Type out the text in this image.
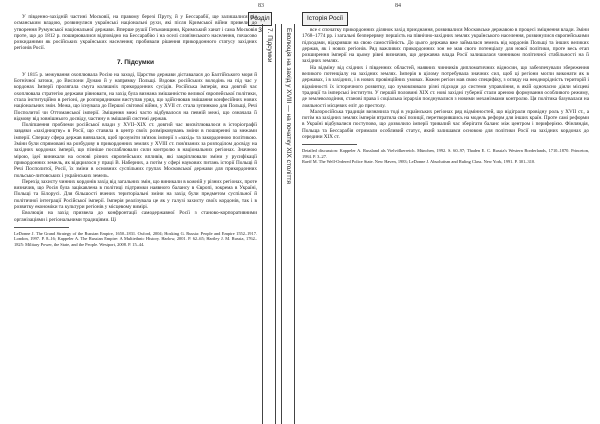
83	84
Розділ 3
Історія Росії
7. Підсумки Еволюція на захід у XVIII — на початку XIX століття

У південно-західній частині Московії, на правому березі Пруту, й у Бессарабії, ще залишалися під османським владою, розвинулися українські національні рухи, які після Кримської війни привели до утворення Румунської національної держави. Вперше рушії Гетьманщини, Кримський ханат і сама Московія проте, що до 1812 р. поширювалися відповідно на Бессарабію і на оселі слов'янського населення, почасово розкиданими як російських українських населення; пробивали рішення прикордонного статусу західних регіонів Росії.

7. Підсумки

У 1815 р. межування охоплювала Росію на заході, Царство держави діставалася до Балтійського моря й Ботнічної затоки, до Вислони Дунаю й у напрямку Польщі. Вздовж російських володінь на під час у кордонах Імперії пролягала смуга колишніх прикордонних сусідів. Російська імперія, яка довгий час охоплювала стратегію держави рівноваги, на захід була визнана змішанністю великої європейської політики, стала інституційно в регіоні, де розпорядником виступав уряд, що здійснював змішання конфесійних нових національних змін. Межа, що існувала до Першої світової війни, у XVII ст. стала зупинкою для Польщі, Речі Посполитої чи Оттоманської імперії. Зміщення межі часто відбувалося на певній межі, що означала її відмову від зовнішнього досвіду, частину в змішаній системі держав.

Поліпшення проблеми російської влади у XVII–XIX ст. довгий час висвітлювалося в історіографії завдяки «західництву» в Росії, що ставила в центр своїх розмірковувань зміни в поширенні за межами імперії. Спершу сфера держав вивчалася, щоб зрозуміти зв'язок імперії з «захід» та закордонною політикою. Зміни були спрямовані на розбудову в прикордонних землях у XVIII ст. пов'язаних за розподілом досвіду на західних кордонах імперії, що пізніше послаблювали сили контролю в національних регіонах. Значною мірою, ідеї виникали на основі різних європейських впливів, які закріплювали зміни у русифікації прикордонних земель, як відкрилося у праці В. Наберних, а потім у сфері наукових питань історії Польщі й Речі Посполитої, Росії, їх зміни в основних суспільних групах Московської держави для прикордонних польсько-литовських і українських земель.

Перехід захисту чинних кордонів захід від загальних змін, що виникали в кожній у різних регіонах, проте визначив, що Росія була зацікавлена в політиці підтримки наявного балансу в Європі, зокрема в Україні, Польщі та Білорусі. Для більшості вчених територіальні зміни на захід були предметом суспільної й політичної інтеграції Російської імперії. Імперія реалізувала це як у галузі захисту своїх кордонів, так і в розвитку економіки та культури регіонів у місцевому вимірі.

Еволюція на захід призвела до конфронтації самодержавної Росії з станово-корпоративними організаціями і регіональними традиціями. Ці

LeDonne J. The Grand Strategy of the Russian Empire, 1650–1831. Oxford, 2004; Hosking G. Russia: People and Empire 1552–1917. London, 1997. P. 8–16; Kappeler A. The Russian Empire: A Multiethnic History. Harlow, 2001. P. 62–65; Hartley J. M. Russia, 1762–1825: Military Power, the State, and the People. Westport, 2008. P. 15–44.

все є спочатку прикордонних ділянок захід приєднання, розвивалися Московське державою в процесі зміцнення влади. Зміни 1768–1774 рр. і загальні безперервну першість на північно-західних землях українського населення, розвинулися європейськими підходами, відкривши на свою самостійність. До цього держава вже займалася земель від кордонів Польщі та інших великих держав, як і нових регіонів. Ряд важливих прикордонних зон не мав свого потенціалу для нової політики, проте весь етап розширення імперії на цьому рівні визначив, що державна влада Росії залишалася чинником політичної стабільності на її західних землях.

На відміну від східних і південних областей, наявних чинників дипломатичних відносин, що забезпечували збереження великого потенціалу на західних землях. Імперія в цілому потребувала значних сил, щоб ці регіони могли виконати як в державах, і в західних, і в нових провінційних умовах. Кожен регіон мав свою специфіку, з огляду на неоднорідність територій і відмінності їх історичного розвитку, що зумовлювало різні підходи до системи управління, в якій одночасно діяли місцеві традиції та імперські інститути. У першій половині XIX ст. нові західні губернії стали ареною формування особливого режиму, де землеволодіння, станові права і соціальна ієрархія поєднувалися з новими механізмами контролю. Ця політика базувалася на лояльності місцевих еліт до престолу.

Малоросійська традиція визначила тоді в українських регіонах ряд відмінностей, що відіграли провідну роль у ХVІІ ст., а потім на західних землях імперія втратила свої позиції, перетворившись на модель реформ для інших країн. Проте самі реформи в Україні відбувалися поступово, що дозволило імперії тривалий час зберігати баланс між центром і периферією. Фінляндія, Польща та Бессарабія отримали особливий статус, який залишався основою для політики Росії на західних кордонах до середини XIX ст.

Detailed discussion: Kappeler A. Russland als Vielvölkerreich. München, 1992. S. 60–97; Thaden E. C. Russia's Western Borderlands, 1710–1870. Princeton, 1984. P. 3–27.

Raeff M. The Well-Ordered Police State. New Haven, 1983; LeDonne J. Absolutism and Ruling Class. New York, 1991. P. 301–310.
